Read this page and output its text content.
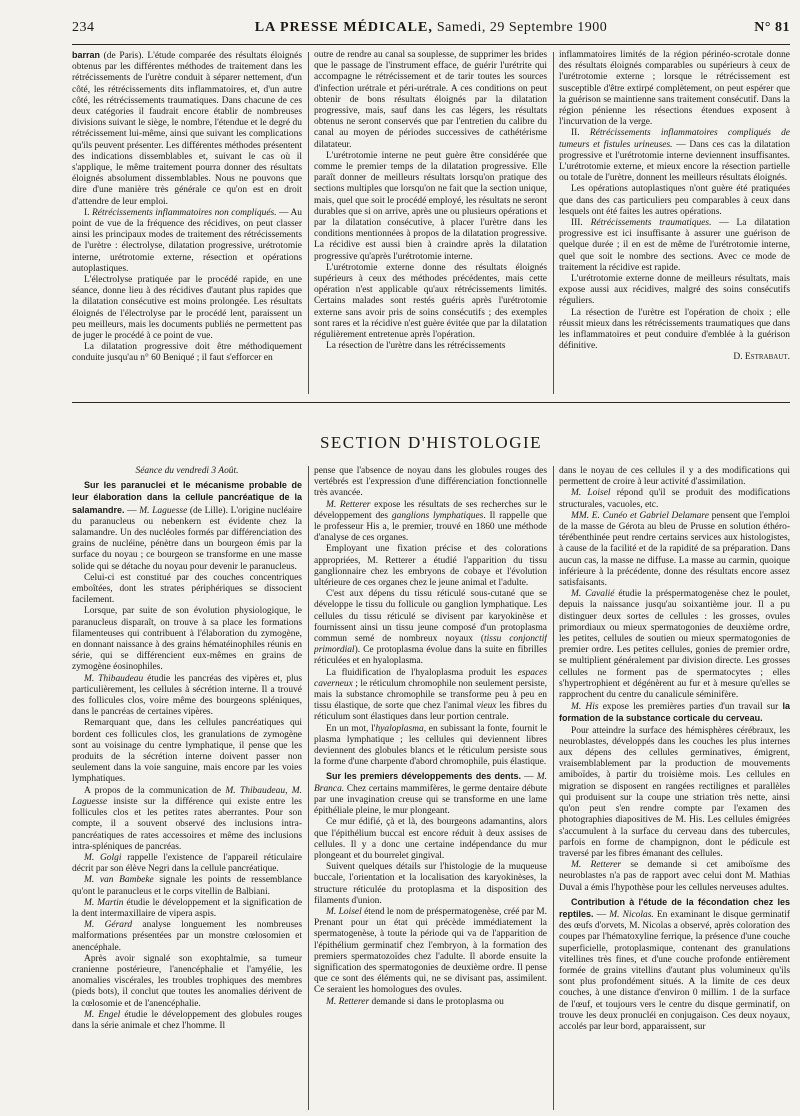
234	LA PRESSE MÉDICALE, Samedi, 29 Septembre 1900	N° 81

barran (de Paris). L'étude comparée des résultats éloignés obtenus par les différentes méthodes de traitement dans les rétrécissements de l'urètre conduit à séparer nettement, d'un côté, les rétrécissements dits inflammatoires, et, d'un autre côté, les rétrécissements traumatiques. Dans chacune de ces deux catégories il faudrait encore établir de nombreuses divisions suivant le siège, le nombre, l'étendue et le degré du rétrécissement lui-même, ainsi que suivant les complications qu'ils peuvent présenter. Les différentes méthodes présentent des indications dissemblables et, suivant le cas où il s'applique, le même traitement pourra donner des résultats éloignés absolument dissemblables. Nous ne pouvons que dire d'une manière très générale ce qu'on est en droit d'attendre de leur emploi.

I. Rétrécissements inflammatoires non compliqués. — Au point de vue de la fréquence des récidives, on peut classer ainsi les principaux modes de traitement des rétrécissements de l'urètre : électrolyse, dilatation progressive, urétrotomie interne, urétrotomie externe, résection et opérations autoplastiques.

L'électrolyse pratiquée par le procédé rapide, en une séance, donne lieu à des récidives d'autant plus rapides que la dilatation consécutive est moins prolongée. Les résultats éloignés de l'électrolyse par le procédé lent, paraissent un peu meilleurs, mais les documents publiés ne permettent pas de juger le procédé à ce point de vue.

La dilatation progressive doit être méthodiquement conduite jusqu'au n° 60 Beniqué ; il faut s'efforcer en

outre de rendre au canal sa souplesse, de supprimer les brides que le passage de l'instrument efface, de guérir l'urétrite qui accompagne le rétrécissement et de tarir toutes les sources d'infection urétrale et péri-urétrale. A ces conditions on peut obtenir de bons résultats éloignés par la dilatation progressive, mais, sauf dans les cas légers, les résultats obtenus ne seront conservés que par l'entretien du calibre du canal au moyen de périodes successives de cathétérisme dilatateur.

L'urétrotomie interne ne peut guère être considérée que comme le premier temps de la dilatation progressive. Elle paraît donner de meilleurs résultats lorsqu'on pratique des sections multiples que lorsqu'on ne fait que la section unique, mais, quel que soit le procédé employé, les résultats ne seront durables que si on arrive, après une ou plusieurs opérations et par la dilatation consécutive, à placer l'urètre dans les conditions mentionnées à propos de la dilatation progressive. La récidive est aussi bien à craindre après la dilatation progressive qu'après l'urétrotomie interne.

L'urétrotomie externe donne des résultats éloignés supérieurs à ceux des méthodes précédentes, mais cette opération n'est applicable qu'aux rétrécissements limités. Certains malades sont restés guéris après l'urétrotomie externe sans avoir pris de soins consécutifs ; des exemples sont rares et la récidive n'est guère évitée que par la dilatation régulièrement entretenue après l'opération.

La résection de l'urètre dans les rétrécissements

inflammatoires limités de la région périnéo-scrotale donne des résultats éloignés comparables ou supérieurs à ceux de l'urétrotomie externe ; lorsque le rétrécissement est susceptible d'être extirpé complètement, on peut espérer que la guérison se maintienne sans traitement consécutif. Dans la région pénienne les résections étendues exposent à l'incurvation de la verge.

II. Rétrécissements inflammatoires compliqués de tumeurs et fistules urineuses. — Dans ces cas la dilatation progressive et l'urétrotomie interne deviennent insuffisantes. L'urétrotomie externe, et mieux encore la résection partielle ou totale de l'urètre, donnent les meilleurs résultats éloignés.

Les opérations autoplastiques n'ont guère été pratiquées que dans des cas particuliers peu comparables à ceux dans lesquels ont été faites les autres opérations.

III. Rétrécissements traumatiques. — La dilatation progressive est ici insuffisante à assurer une guérison de quelque durée ; il en est de même de l'urétrotomie interne, quel que soit le nombre des sections. Avec ce mode de traitement la récidive est rapide.

L'urétrotomie externe donne de meilleurs résultats, mais expose aussi aux récidives, malgré des soins consécutifs réguliers.

La résection de l'urètre est l'opération de choix ; elle réussit mieux dans les rétrécissements traumatiques que dans les inflammatoires et peut conduire d'emblée à la guérison définitive.

D. Estrabaut.

SECTION D'HISTOLOGIE

Séance du vendredi 3 Août.

Sur les paranuclei et le mécanisme probable de leur élaboration dans la cellule pancréatique de la salamandre. — M. Laguesse (de Lille). L'origine nucléaire du paranucleus ou nebenkern est évidente chez la salamandre. Un des nucléoles formés par différenciation des grains de nucléine, pénètre dans un bourgeon émis par la surface du noyau ; ce bourgeon se transforme en une masse solide qui se détache du noyau pour devenir le paranucleus.

Celui-ci est constitué par des couches concentriques emboîtées, dont les strates périphériques se dissocient facilement.

Lorsque, par suite de son évolution physiologique, le paranucleus disparaît, on trouve à sa place les formations filamenteuses qui contribuent à l'élaboration du zymogène, en donnant naissance à des grains hématéinophiles réunis en série, qui se différencient eux-mêmes en grains de zymogène éosinophiles.

M. Thibaudeau étudie les pancréas des vipères et, plus particulièrement, les cellules à sécrétion interne. Il a trouvé des follicules clos, voire même des bourgeons spléniques, dans le pancréas de certaines vipères.

Remarquant que, dans les cellules pancréatiques qui bordent ces follicules clos, les granulations de zymogène sont au voisinage du centre lymphatique, il pense que les produits de la sécrétion interne doivent passer non seulement dans la voie sanguine, mais encore par les voies lymphatiques.

A propos de la communication de M. Thibaudeau, M. Laguesse insiste sur la différence qui existe entre les follicules clos et les petites rates aberrantes. Pour son compte, il a souvent observé des inclusions intra-pancréatiques de rates accessoires et même des inclusions intra-spléniques de pancréas.

M. Golgi rappelle l'existence de l'appareil réticulaire décrit par son élève Negri dans la cellule pancréatique.

M. van Bambeke signale les points de ressemblance qu'ont le paranucleus et le corps vitellin de Balbiani.

M. Martin étudie le développement et la signification de la dent intermaxillaire de vipera aspis.

M. Gérard analyse longuement les nombreuses malformations présentées par un monstre cœlosomien et anencéphale.

Après avoir signalé son exophtalmie, sa tumeur cranienne postérieure, l'anencéphalie et l'amyélie, les anomalies viscérales, les troubles trophiques des membres (pieds bots), il conclut que toutes les anomalies dérivent de la cœlosomie et de l'anencéphalie.

M. Engel étudie le développement des globules rouges dans la série animale et chez l'homme. Il

pense que l'absence de noyau dans les globules rouges des vertébrés est l'expression d'une différenciation fonctionnelle très avancée.

M. Retterer expose les résultats de ses recherches sur le développement des ganglions lymphatiques. Il rappelle que le professeur His a, le premier, trouvé en 1860 une méthode d'analyse de ces organes.

Employant une fixation précise et des colorations appropriées, M. Retterer a étudié l'apparition du tissu ganglionnaire chez les embryons de cobaye et l'évolution ultérieure de ces organes chez le jeune animal et l'adulte.

C'est aux dépens du tissu réticulé sous-cutané que se développe le tissu du follicule ou ganglion lymphatique. Les cellules du tissu réticulé se divisent par karyokinèse et fournissent ainsi un tissu jeune composé d'un protoplasma commun semé de nombreux noyaux (tissu conjonctif primordial). Ce protoplasma évolue dans la suite en fibrilles réticulées et en hyaloplasma.

La fluidification de l'hyaloplasma produit les espaces caverneux ; le réticulum chromophile non seulement persiste, mais la substance chromophile se transforme peu à peu en tissu élastique, de sorte que chez l'animal vieux les fibres du réticulum sont élastiques dans leur portion centrale.

En un mot, l'hyaloplasma, en subissant la fonte, fournit le plasma lymphatique ; les cellules qui deviennent libres deviennent des globules blancs et le réticulum persiste sous la forme d'une charpente d'abord chromophile, puis élastique.

Sur les premiers développements des dents. — M. Branca. Chez certains mammifères, le germe dentaire débute par une invagination creuse qui se transforme en une lame épithéliale pleine, le mur plongeant.

Ce mur édifié, çà et là, des bourgeons adamantins, alors que l'épithélium buccal est encore réduit à deux assises de cellules. Il y a donc une certaine indépendance du mur plongeant et du bourrelet gingival.

Suivent quelques détails sur l'histologie de la muqueuse buccale, l'orientation et la localisation des karyokinèses, la structure réticulée du protoplasma et la disposition des filaments d'union.

M. Loisel étend le nom de préspermatogenèse, créé par M. Prenant pour un état qui précède immédiatement la spermatogenèse, à toute la période qui va de l'apparition de l'épithélium germinatif chez l'embryon, à la formation des premiers spermatozoïdes chez l'adulte. Il aborde ensuite la signification des spermatogonies de deuxième ordre. Il pense que ce sont des éléments qui, ne se divisant pas, assimilent. Ce seraient les homologues des ovules.

M. Retterer demande si dans le protoplasma ou

dans le noyau de ces cellules il y a des modifications qui permettent de croire à leur activité d'assimilation.

M. Loisel répond qu'il se produit des modifications structurales, vacuoles, etc.

MM. E. Cunéo et Gabriel Delamare pensent que l'emploi de la masse de Gérota au bleu de Prusse en solution éthéro-térébenthinée peut rendre certains services aux histologistes, à cause de la facilité et de la rapidité de sa préparation. Dans aucun cas, la masse ne diffuse. La masse au carmin, quoique inférieure à la précédente, donne des résultats encore assez satisfaisants.

M. Cavalié étudie la préspermatogenèse chez le poulet, depuis la naissance jusqu'au soixantième jour. Il a pu distinguer deux sortes de cellules : les grosses, ovules primordiaux ou mieux spermatogonies de deuxième ordre, les petites, cellules de soutien ou mieux spermatogonies de premier ordre. Les petites cellules, gonies de premier ordre, se multiplient généralement par division directe. Les grosses cellules ne forment pas de spermatocytes ; elles s'hypertrophient et dégénèrent au fur et à mesure qu'elles se rapprochent du centre du canalicule séminifère.

M. His expose les premières parties d'un travail sur la formation de la substance corticale du cerveau.

Pour atteindre la surface des hémisphères cérébraux, les neuroblastes, développés dans les couches les plus internes aux dépens des cellules germinatives, émigrent, vraisemblablement par la production de mouvements amiboïdes, à partir du troisième mois. Les cellules en migration se disposent en rangées rectilignes et parallèles qui produisent sur la coupe une striation très nette, ainsi qu'on peut s'en rendre compte par l'examen des photographies diapositives de M. His. Les cellules émigrées s'accumulent à la surface du cerveau dans des tubercules, parfois en forme de champignon, dont le pédicule est traversé par les fibres émanant des cellules.

M. Retterer se demande si cet amiboïsme des neuroblastes n'a pas de rapport avec celui dont M. Mathias Duval a émis l'hypothèse pour les cellules nerveuses adultes.

Contribution à l'étude de la fécondation chez les reptiles. — M. Nicolas. En examinant le disque germinatif des œufs d'orvets, M. Nicolas a observé, après coloration des coupes par l'hématoxyline ferrique, la présence d'une couche superficielle, protoplasmique, contenant des granulations vitellines très fines, et d'une couche profonde entièrement formée de grains vitellins d'autant plus volumineux qu'ils sont plus profondément situés. A la limite de ces deux couches, à une distance d'environ 0 millim. 1 de la surface de l'œuf, et toujours vers le centre du disque germinatif, on trouve les deux pronucléi en conjugaison. Ces deux noyaux, accolés par leur bord, apparaissent, sur
